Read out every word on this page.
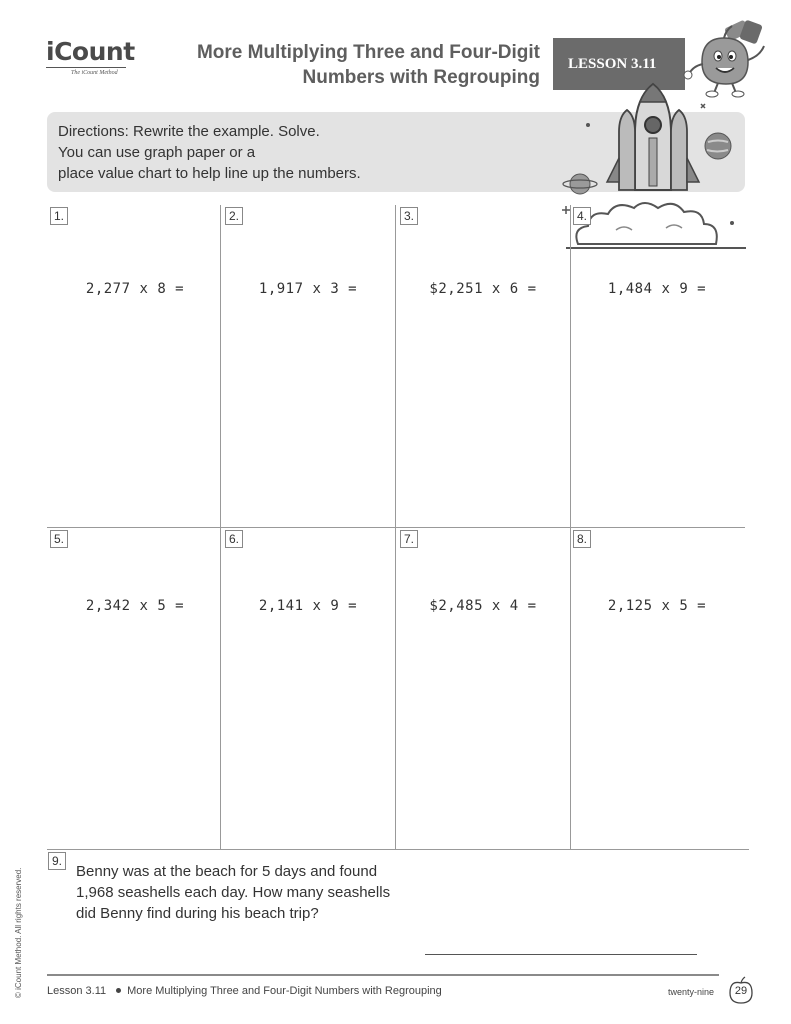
iCount
The iCount Method
More Multiplying Three and Four-Digit
Numbers with Regrouping
LESSON 3.11
Directions: Rewrite the example. Solve.
You can use graph paper or a
place value chart to help line up the numbers.
1.	2.	3.	4.
2,277 x 8 =	1,917 x 3 =	$2,251 x 6 =	1,484 x 9 =
5.	6.	7.	8.
2,342 x 5 =	2,141 x 9 =	$2,485 x 4 =	2,125 x 5 =
9.
Benny was at the beach for 5 days and found 1,968 seashells each day. How many seashells did Benny find during his beach trip?
Lesson 3.11 More Multiplying Three and Four-Digit Numbers with Regrouping	twenty-nine	29
© iCount Method. All rights reserved.
